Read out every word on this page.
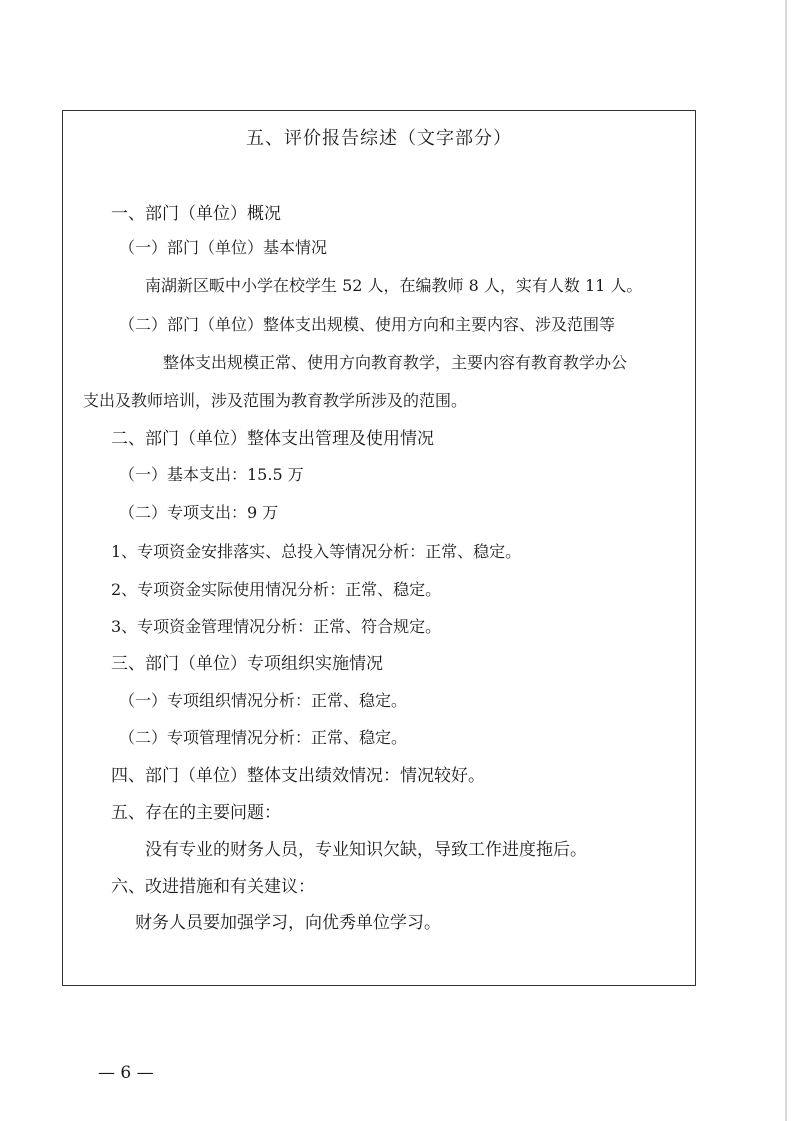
五、评价报告综述（文字部分）
一、部门（单位）概况
（一）部门（单位）基本情况
南湖新区畈中小学在校学生 52 人，在编教师 8 人，实有人数 11 人。
（二）部门（单位）整体支出规模、使用方向和主要内容、涉及范围等
整体支出规模正常、使用方向教育教学，主要内容有教育教学办公
支出及教师培训，涉及范围为教育教学所涉及的范围。
二、部门（单位）整体支出管理及使用情况
（一）基本支出：15.5 万
（二）专项支出：9 万
1、专项资金安排落实、总投入等情况分析：正常、稳定。
2、专项资金实际使用情况分析：正常、稳定。
3、专项资金管理情况分析：正常、符合规定。
三、部门（单位）专项组织实施情况
（一）专项组织情况分析：正常、稳定。
（二）专项管理情况分析：正常、稳定。
四、部门（单位）整体支出绩效情况：情况较好。
五、存在的主要问题：
没有专业的财务人员，专业知识欠缺，导致工作进度拖后。
六、改进措施和有关建议：
财务人员要加强学习，向优秀单位学习。
— 6 —
